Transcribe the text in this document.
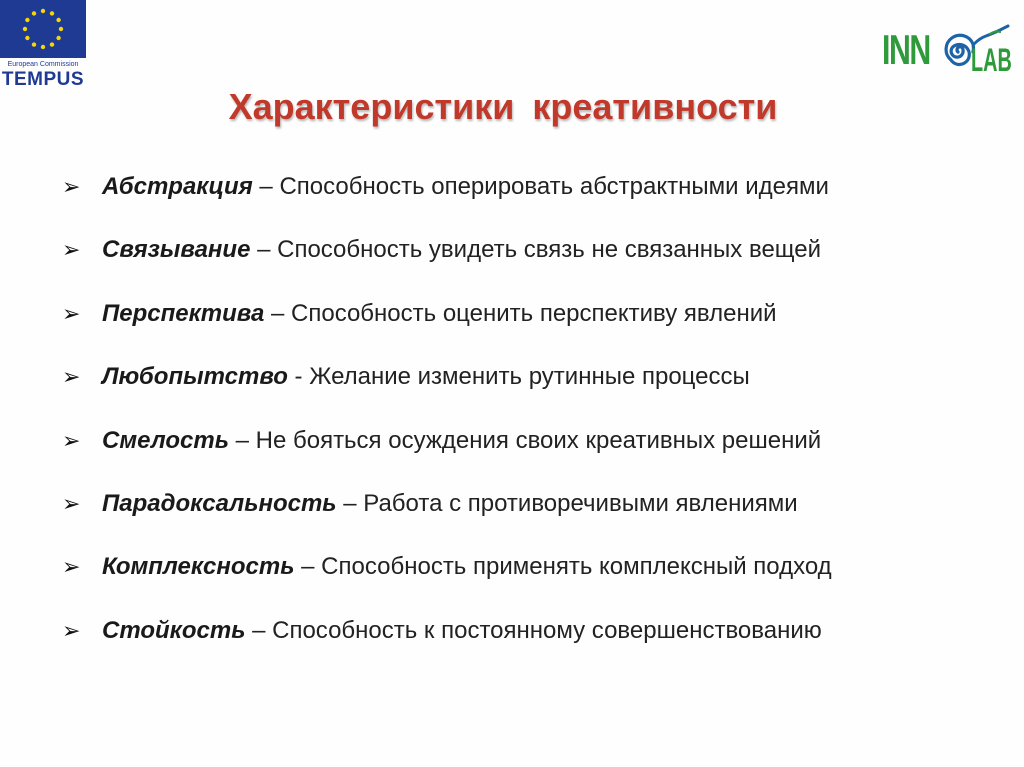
European Commission
TEMPUS
INN LAB
Характеристики креативности
➢ Абстракция – Способность оперировать абстрактными идеями
➢ Связывание – Способность увидеть связь не связанных вещей
➢ Перспектива – Способность оценить перспективу явлений
➢ Любопытство - Желание изменить рутинные процессы
➢ Смелость – Не бояться осуждения своих креативных решений
➢ Парадоксальность – Работа с противоречивыми явлениями
➢ Комплексность – Способность применять комплексный подход
➢ Стойкость – Способность к постоянному совершенствованию
